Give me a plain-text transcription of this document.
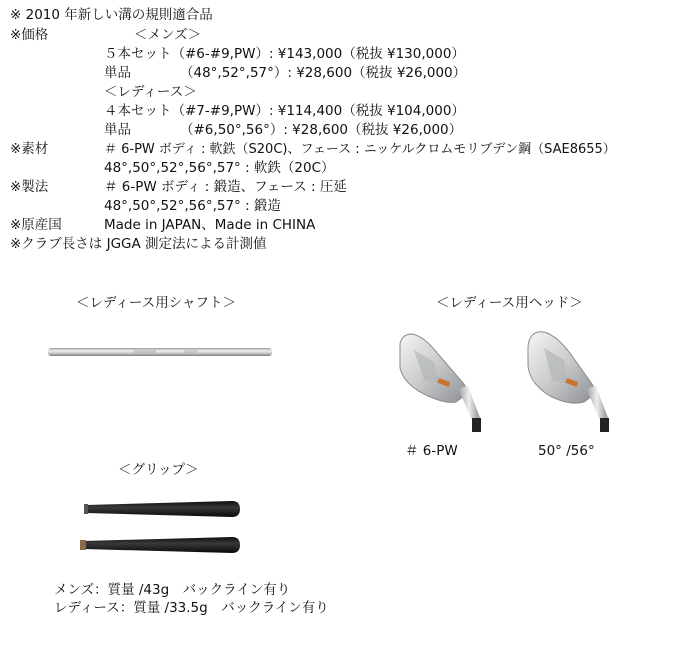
※ 2010 年新しい溝の規則適合品
※価格	＜メンズ＞
５本セット（#6-#9,PW）: ¥143,000（税抜 ¥130,000）
単品	（48°,52°,57°）: ¥28,600（税抜 ¥26,000）
＜レディース＞
４本セット（#7-#9,PW）: ¥114,400（税抜 ¥104,000）
単品	（#6,50°,56°）: ¥28,600（税抜 ¥26,000）
※素材	＃ 6-PW ボディ : 軟鉄（S20C)、フェース : ニッケルクロムモリブデン鋼（SAE8655）
48°,50°,52°,56°,57° : 軟鉄（20C）
※製法	＃ 6-PW ボディ : 鍛造、フェース : 圧延
48°,50°,52°,56°,57° : 鍛造
※原産国	Made in JAPAN、Made in CHINA
※クラブ長さは JGGA 測定法による計測値
＜レディース用シャフト＞	＜レディース用ヘッド＞
＃ 6-PW	50° /56°
＜グリップ＞
メンズ：質量 /43g　バックライン有り
レディース：質量 /33.5g　バックライン有り
